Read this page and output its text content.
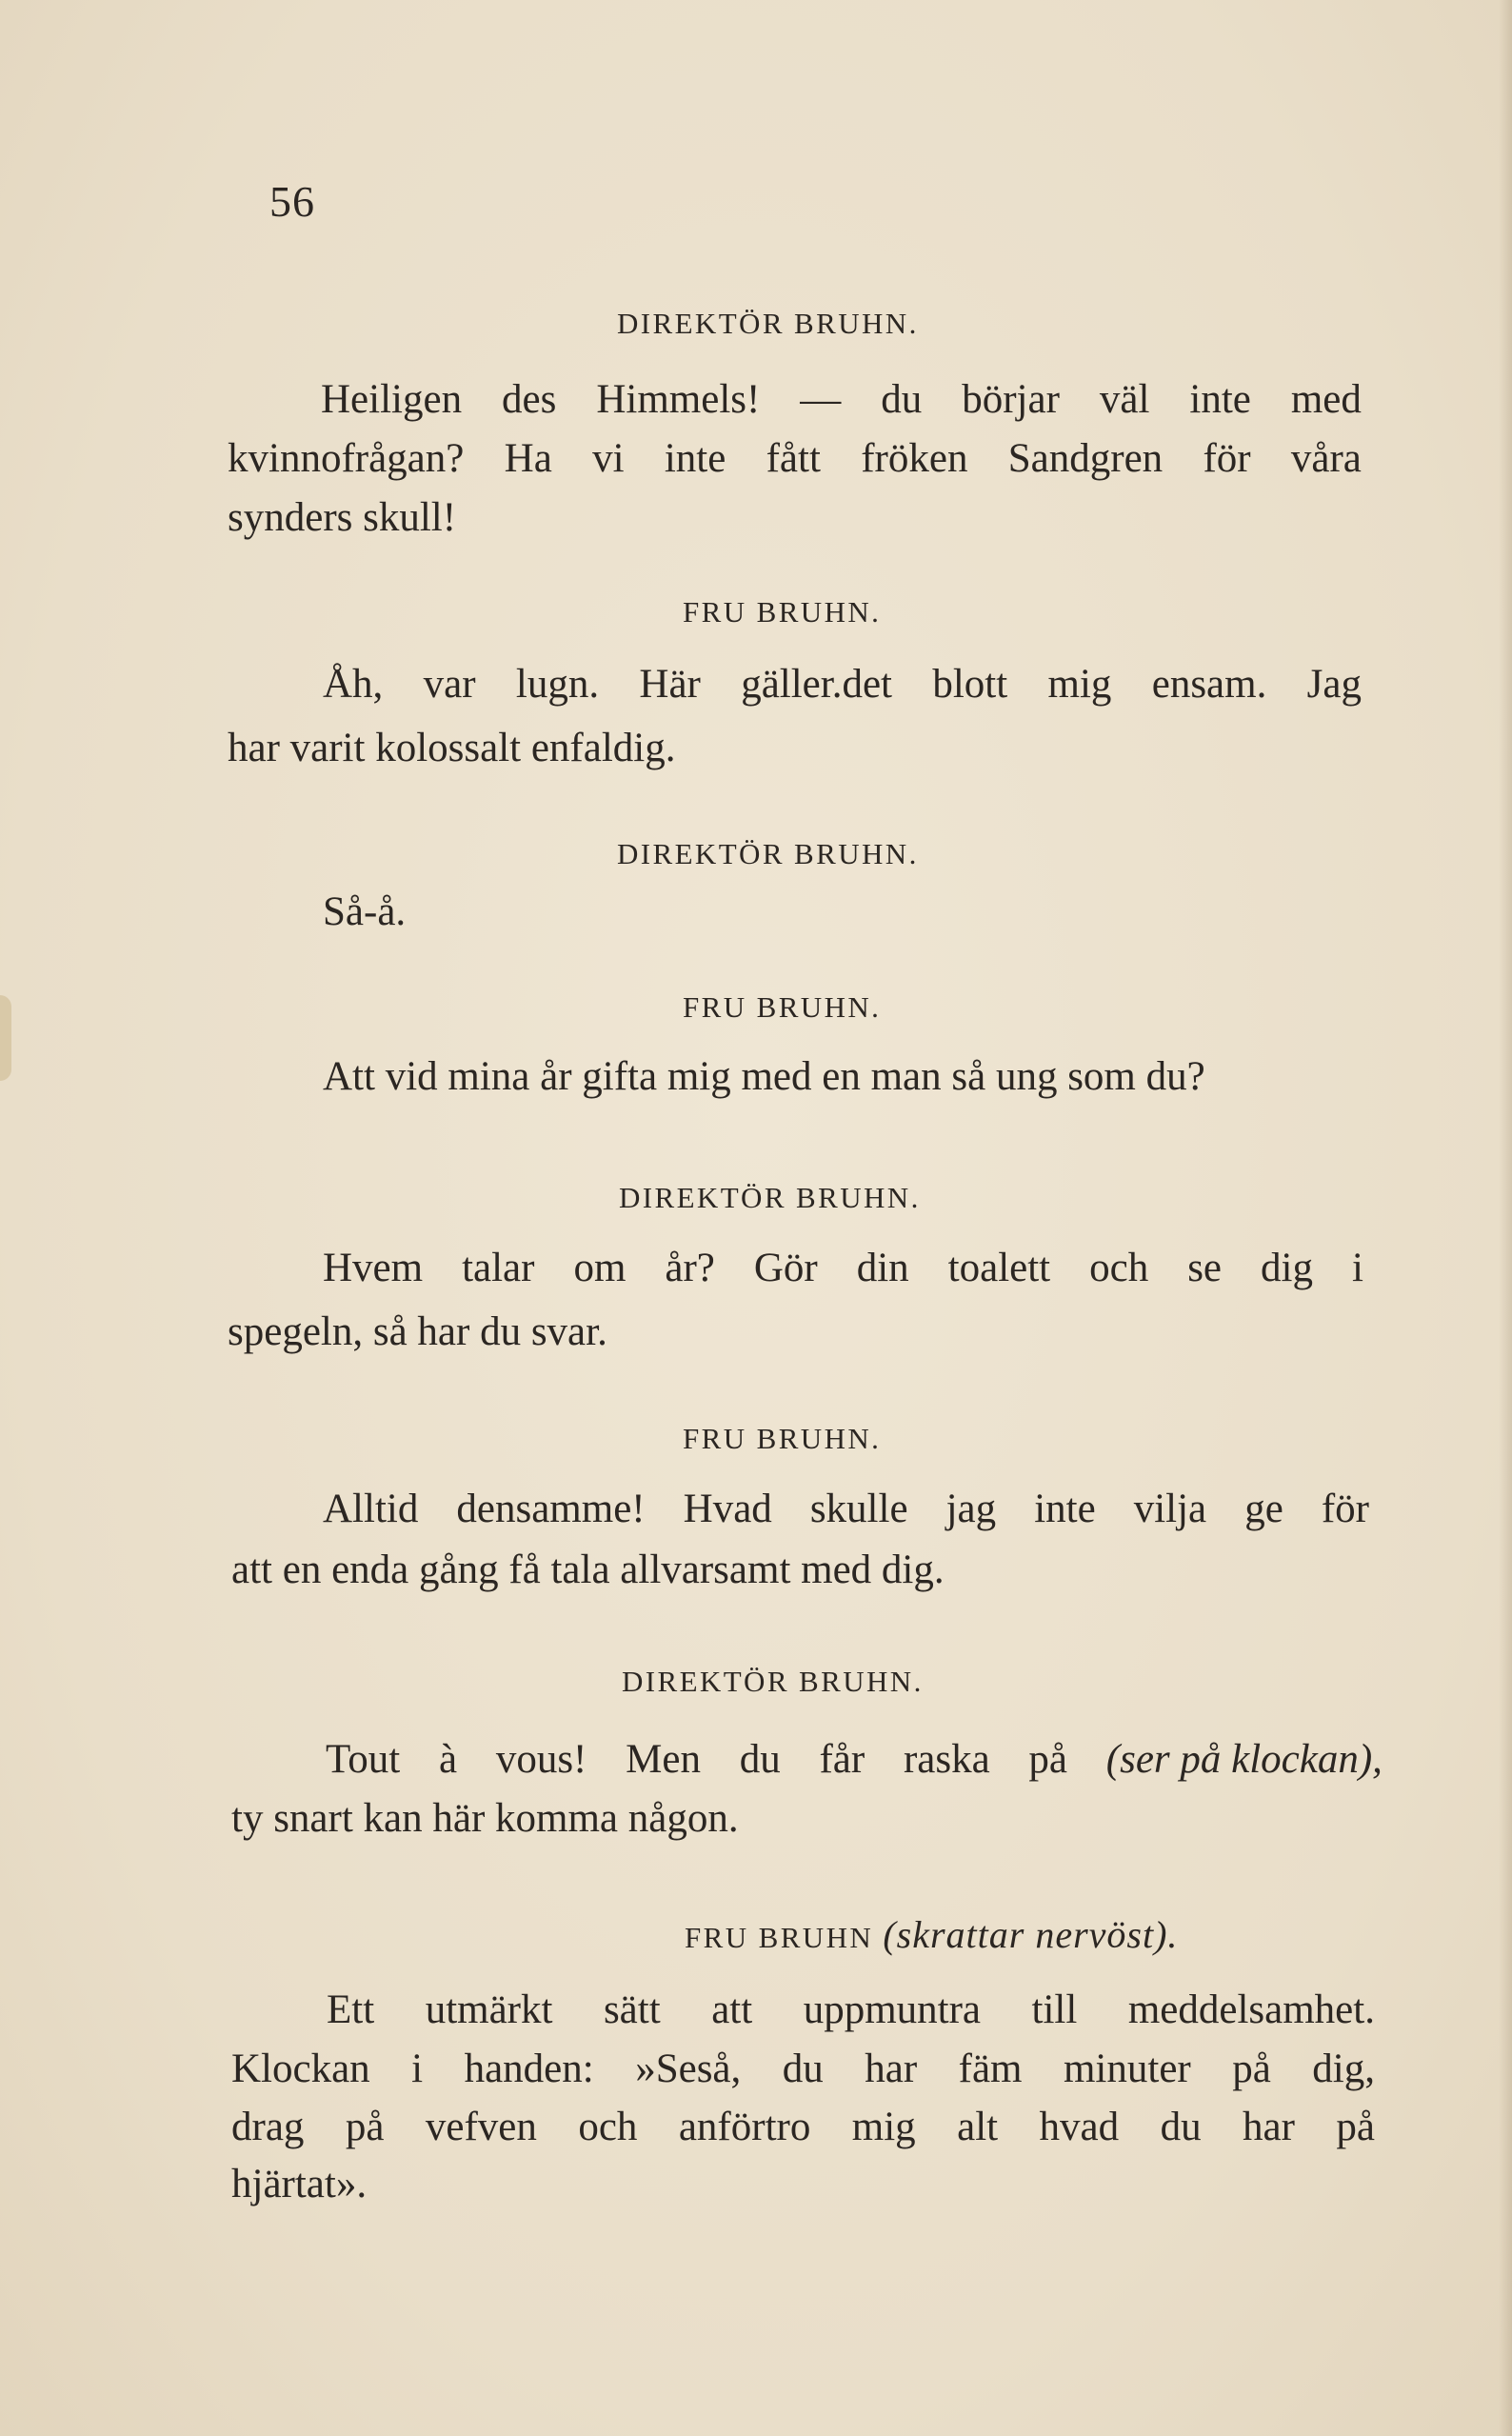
56
DIREKTÖR BRUHN.
Heiligen des Himmels! — du börjar väl inte med
kvinnofrågan? Ha vi inte fått fröken Sandgren för våra
synders skull!
FRU BRUHN.
Åh, var lugn. Här gäller.det blott mig ensam. Jag
har varit kolossalt enfaldig.
DIREKTÖR BRUHN.
Så-å.
FRU BRUHN.
Att vid mina år gifta mig med en man så ung som du?
DIREKTÖR BRUHN.
Hvem talar om år? Gör din toalett och se dig i
spegeln, så har du svar.
FRU BRUHN.
Alltid densamme! Hvad skulle jag inte vilja ge för
att en enda gång få tala allvarsamt med dig.
DIREKTÖR BRUHN.
Tout à vous! Men du får raska på (ser på klockan),
ty snart kan här komma någon.
FRU BRUHN (skrattar nervöst).
Ett utmärkt sätt att uppmuntra till meddelsamhet.
Klockan i handen: »Seså, du har fäm minuter på dig,
drag på vefven och anförtro mig alt hvad du har på
hjärtat».
